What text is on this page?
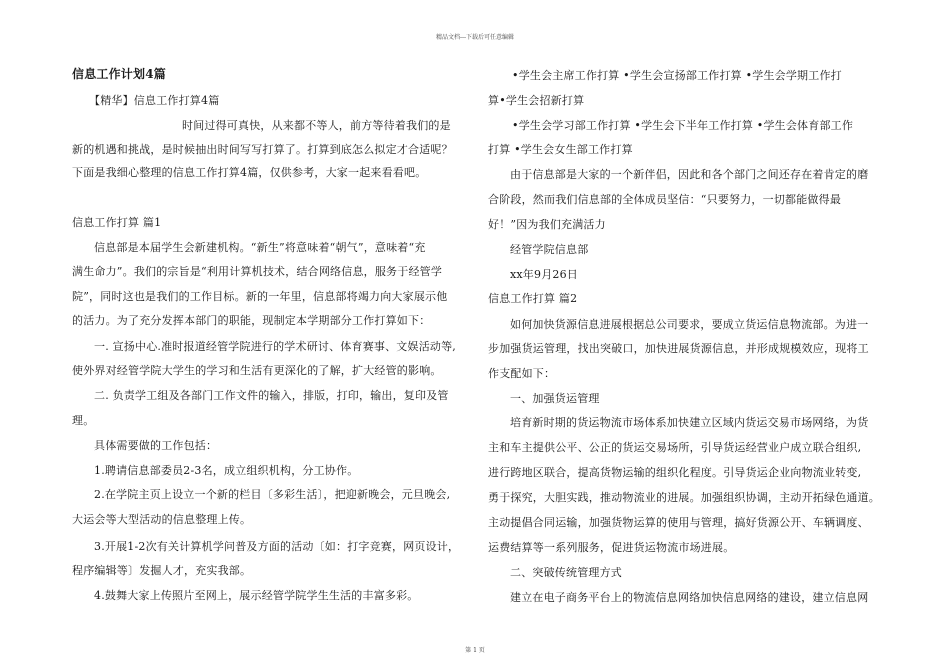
精品文档---下载后可任意编辑
信息工作计划4篇
【精华】信息工作打算4篇
时间过得可真快，从来都不等人，前方等待着我们的是
新的机遇和挑战，是时候抽出时间写写打算了。打算到底怎么拟定才合适呢？
下面是我细心整理的信息工作打算4篇，仅供参考，大家一起来看看吧。
信息工作打算 篇1
信息部是本届学生会新建机构。“新生”将意味着“朝气”，意味着“充
满生命力”。我们的宗旨是“利用计算机技术，结合网络信息，服务于经管学
院”，同时这也是我们的工作目标。新的一年里，信息部将竭力向大家展示他
的活力。为了充分发挥本部门的职能，现制定本学期部分工作打算如下：
一. 宣扬中心.准时报道经管学院进行的学术研讨、体育赛事、文娱活动等,
使外界对经管学院大学生的学习和生活有更深化的了解，扩大经管的影响。
二. 负责学工组及各部门工作文件的输入，排版，打印，输出，复印及管
理。
具体需要做的工作包括：
1.聘请信息部委员2-3名，成立组织机构，分工协作。
2.在学院主页上设立一个新的栏目〔多彩生活〕，把迎新晚会，元旦晚会,
大运会等大型活动的信息整理上传。
3.开展1-2次有关计算机学问普及方面的活动〔如：打字竞赛，网页设计，
程序编辑等〕发掘人才，充实我部。
4.鼓舞大家上传照片至网上，展示经管学院学生生活的丰富多彩。
•学生会主席工作打算 •学生会宣扬部工作打算 •学生会学期工作打
算•学生会招新打算
•学生会学习部工作打算 •学生会下半年工作打算 •学生会体育部工作
打算 •学生会女生部工作打算
由于信息部是大家的一个新伴侣，因此和各个部门之间还存在着肯定的磨
合阶段，然而我们信息部的全体成员坚信：“只要努力，一切都能做得最
好！”因为我们充满活力
经管学院信息部
xx年9月26日
信息工作打算 篇2
如何加快货源信息进展根据总公司要求，要成立货运信息物流部。为进一
步加强货运管理，找出突破口，加快进展货源信息，并形成规模效应，现将工
作支配如下：
一、加强货运管理
培育新时期的货运物流市场体系加快建立区域内货运交易市场网络，为货
主和车主提供公平、公正的货运交易场所，引导货运经营业户成立联合组织,
进行跨地区联合，提高货物运输的组织化程度。引导货运企业向物流业转变,
勇于探究，大胆实践，推动物流业的进展。加强组织协调，主动开拓绿色通道。
主动提倡合同运输，加强货物运算的使用与管理，搞好货源公开、车辆调度、
运费结算等一系列服务，促进货运物流市场进展。
二、突破传统管理方式
建立在电子商务平台上的物流信息网络加快信息网络的建设，建立信息网
第 1 页
